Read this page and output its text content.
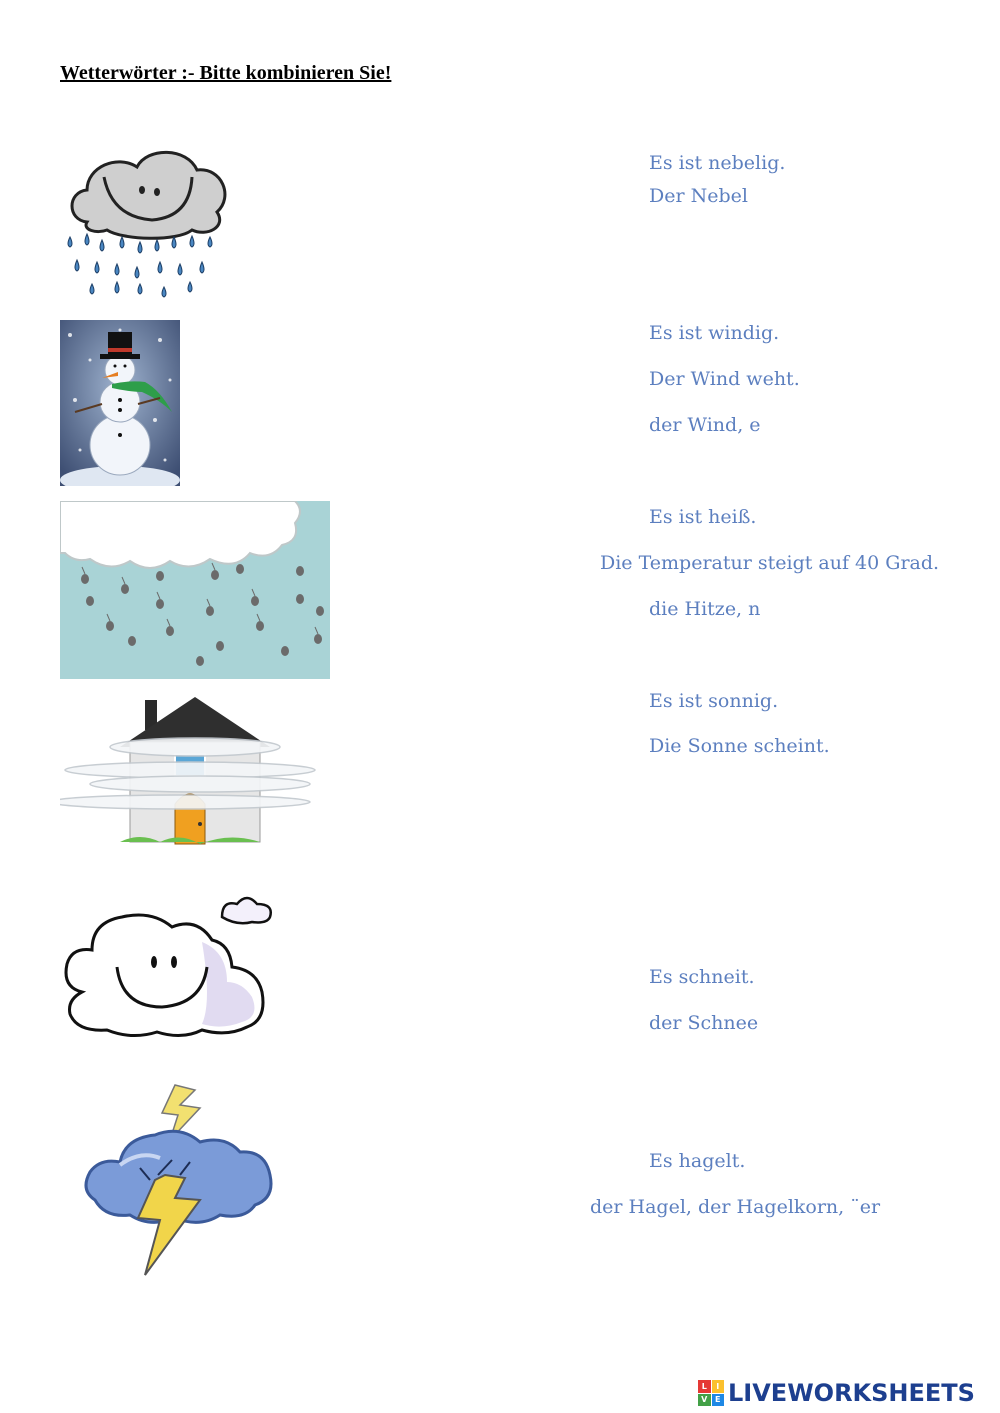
Wetterwörter :- Bitte kombinieren Sie!
Es ist nebelig.
Der Nebel
Es ist windig.
Der Wind weht.
der Wind, e
Es ist heiß.
Die Temperatur steigt auf 40 Grad.
die Hitze, n
Es ist sonnig.
Die Sonne scheint.
Es schneit.
der Schnee
Es hagelt.
der Hagel, der Hagelkorn, ¨er
L	I
V E LIVEWORKSHEETS
